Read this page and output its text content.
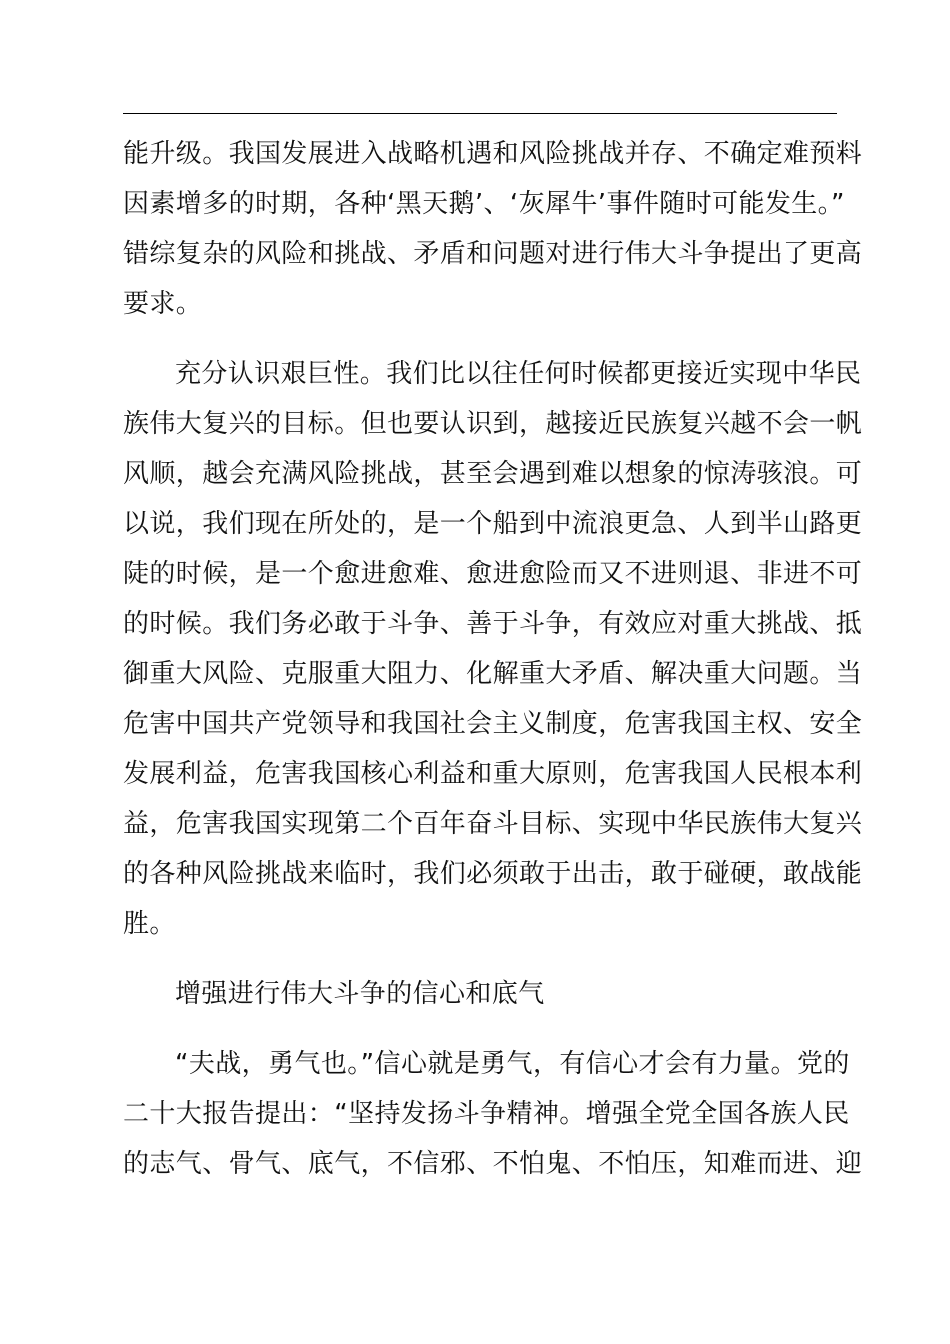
能升级。我国发展进入战略机遇和风险挑战并存、不确定难预料
因素增多的时期，各种‘黑天鹅’、‘灰犀牛’事件随时可能发生。”
错综复杂的风险和挑战、矛盾和问题对进行伟大斗争提出了更高
要求。
充分认识艰巨性。我们比以往任何时候都更接近实现中华民
族伟大复兴的目标。但也要认识到，越接近民族复兴越不会一帆
风顺，越会充满风险挑战，甚至会遇到难以想象的惊涛骇浪。可
以说，我们现在所处的，是一个船到中流浪更急、人到半山路更
陡的时候，是一个愈进愈难、愈进愈险而又不进则退、非进不可
的时候。我们务必敢于斗争、善于斗争，有效应对重大挑战、抵
御重大风险、克服重大阻力、化解重大矛盾、解决重大问题。当
危害中国共产党领导和我国社会主义制度，危害我国主权、安全
发展利益，危害我国核心利益和重大原则，危害我国人民根本利
益，危害我国实现第二个百年奋斗目标、实现中华民族伟大复兴
的各种风险挑战来临时，我们必须敢于出击，敢于碰硬，敢战能
胜。
增强进行伟大斗争的信心和底气
“夫战，勇气也。”信心就是勇气，有信心才会有力量。党的
二十大报告提出：“坚持发扬斗争精神。增强全党全国各族人民
的志气、骨气、底气，不信邪、不怕鬼、不怕压，知难而进、迎
